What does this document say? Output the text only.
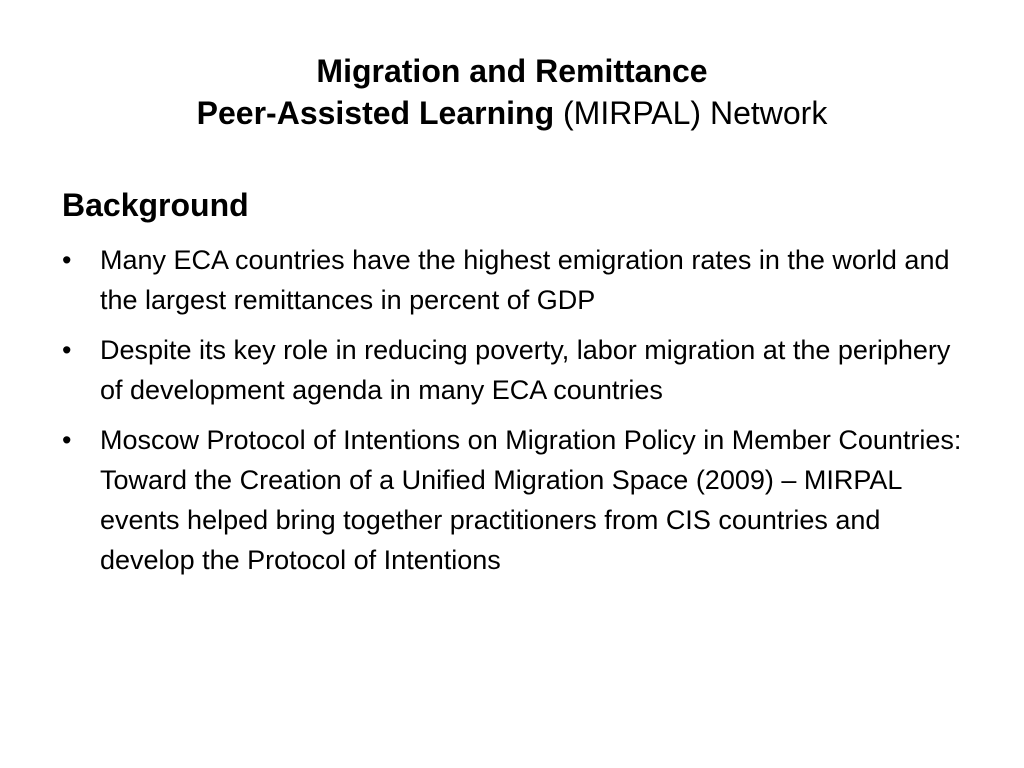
Migration and Remittance
Peer-Assisted Learning (MIRPAL) Network
Background
•	Many ECA countries have the highest emigration rates in the world and the largest remittances in percent of GDP
•	Despite its key role in reducing poverty, labor migration at the periphery of development agenda in many ECA countries
•	Moscow Protocol of Intentions on Migration Policy in Member Countries: Toward the Creation of a Unified Migration Space (2009) – MIRPAL events helped bring together practitioners from CIS countries and develop the Protocol of Intentions
